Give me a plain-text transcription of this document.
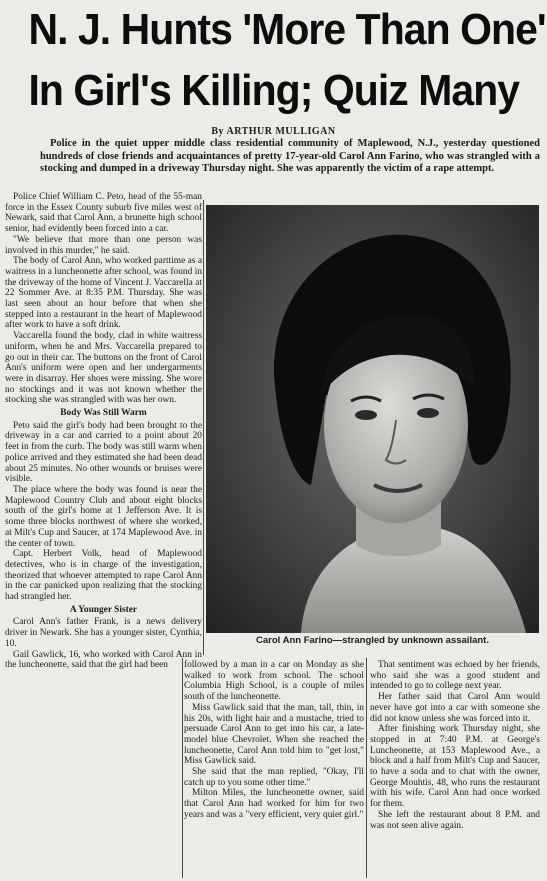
N. J. Hunts 'More Than One'
In Girl's Killing; Quiz Many
By ARTHUR MULLIGAN
Police in the quiet upper middle class residential community of Maplewood, N.J., yesterday questioned hundreds of close friends and acquaintances of pretty 17-year-old Carol Ann Farino, who was strangled with a stocking and dumped in a driveway Thursday night. She was apparently the victim of a rape attempt.

Police Chief William C. Peto, head of the 55-man force in the Essex County suburb five miles west of Newark, said that Carol Ann, a brunette high school senior, had evidently been forced into a car.

"We believe that more than one person was involved in this murder," he said.

The body of Carol Ann, who worked parttime as a waitress in a luncheonette after school, was found in the driveway of the home of Vincent J. Vaccarella at 22 Sommer Ave. at 8:35 P.M. Thursday. She was last seen about an hour before that when she stepped into a restaurant in the heart of Maplewood after work to have a soft drink.

Vaccarella found the body, clad in white waitress uniform, when he and Mrs. Vaccarella prepared to go out in their car. The buttons on the front of Carol Ann's uniform were open and her undergarments were in disarray. Her shoes were missing. She wore no stockings and it was not known whether the stocking she was strangled with was her own.

Body Was Still Warm

Peto said the girl's body had been brought to the driveway in a car and carried to a point about 20 feet in from the curb. The body was still warm when police arrived and they estimated she had been dead about 25 minutes. No other wounds or bruises were visible.

The place where the body was found is near the Maplewood Country Club and about eight blocks south of the girl's home at 1 Jefferson Ave. It is some three blocks northwest of where she worked, at Milt's Cup and Saucer, at 174 Maplewood Ave. in the center of town.

Capt. Herbert Volk, head of Maplewood detectives, who is in charge of the investigation, theorized that whoever attempted to rape Carol Ann in the car panicked upon realizing that the stocking had strangled her.

A Younger Sister

Carol Ann's father Frank, is a news delivery driver in Newark. She has a younger sister, Cynthia, 10.

Gail Gawlick, 16, who worked with Carol Ann in the luncheonette, said that the girl had been

Carol Ann Farino—strangled by unknown assailant.

followed by a man in a car on Monday as she walked to work from school. The school Columbia High School, is a couple of miles south of the luncheonette.

Miss Gawlick said that the man, tall, thin, in his 20s, with light hair and a mustache, tried to persuade Carol Ann to get into his car, a late-model blue Chevrolet. When she reached the luncheonette, Carol Ann told him to "get lost," Miss Gawlick said.

She said that the man replied, "Okay, I'll catch up to you some other time."

Milton Miles, the luncheonette owner, said that Carol Ann had worked for him for two years and was a "very efficient, very quiet girl."

That sentiment was echoed by her friends, who said she was a good student and intended to go to college next year.

Her father said that Carol Ann would never have got into a car with someone she did not know unless she was forced into it.

After finishing work Thursday night, she stopped in at 7:40 P.M. at George's Luncheonette, at 153 Maplewood Ave., a block and a half from Milt's Cup and Saucer, to have a soda and to chat with the owner, George Mouhtis, 48, who runs the restaurant with his wife. Carol Ann had once worked for them.

She left the restaurant about 8 P.M. and was not seen alive again.
